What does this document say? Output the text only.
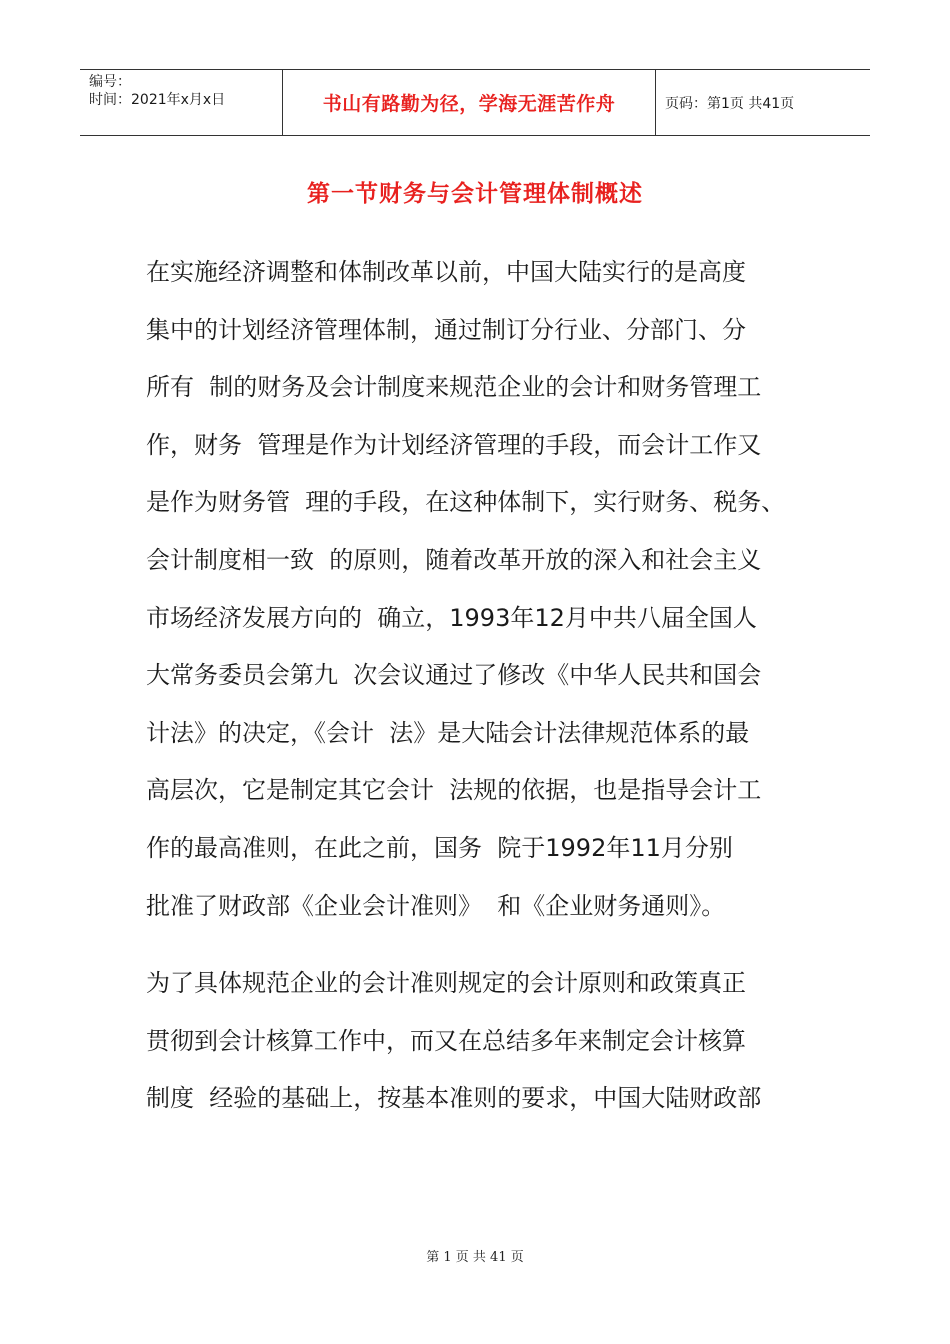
编号：
时间：2021年x月x日	书山有路勤为径，学海无涯苦作舟	页码：第1页 共41页
第一节财务与会计管理体制概述
在实施经济调整和体制改革以前，中国大陆实行的是高度
集中的计划经济管理体制，通过制订分行业、分部门、分
所有  制的财务及会计制度来规范企业的会计和财务管理工
作，财务  管理是作为计划经济管理的手段，而会计工作又
是作为财务管  理的手段，在这种体制下，实行财务、税务、
会计制度相一致  的原则，随着改革开放的深入和社会主义
市场经济发展方向的  确立，1993年12月中共八届全国人
大常务委员会第九  次会议通过了修改《中华人民共和国会
计法》的决定，《会计  法》是大陆会计法律规范体系的最
高层次，它是制定其它会计  法规的依据，也是指导会计工
作的最高准则，在此之前，国务  院于1992年11月分别
批准了财政部《企业会计准则》  和《企业财务通则》。
为了具体规范企业的会计准则规定的会计原则和政策真正
贯彻到会计核算工作中，而又在总结多年来制定会计核算
制度  经验的基础上，按基本准则的要求，中国大陆财政部
第 1 页 共 41 页
